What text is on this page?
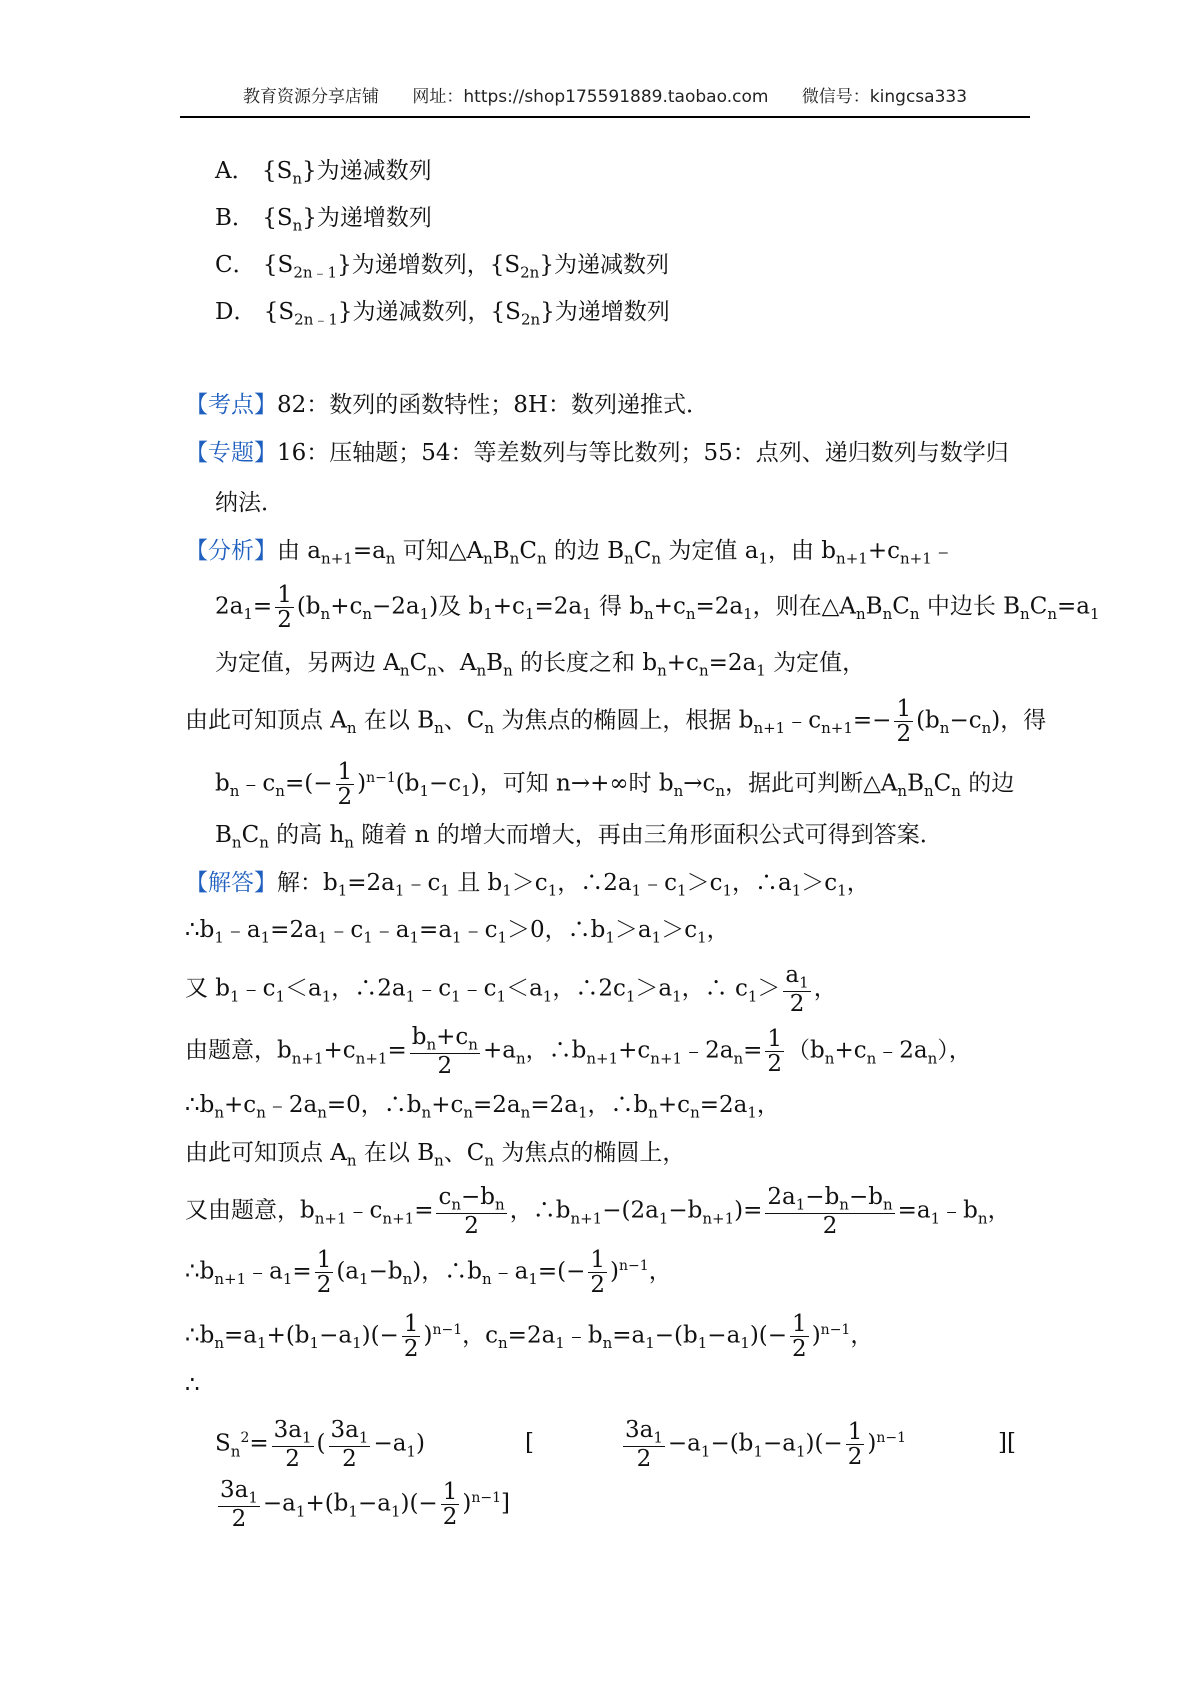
教育资源分享店铺 网址：https://shop175591889.taobao.com 微信号：kingcsa333
A． $\{S_n\}$为递减数列
B． $\{S_n\}$为递增数列
C． $\{S_{2n﹣1}\}$为递增数列，$\{S_{2n}\}$为递减数列
D． $\{S_{2n﹣1}\}$为递减数列，$\{S_{2n}\}$为递增数列
【考点】82：数列的函数特性；8H：数列递推式．
【专题】16：压轴题；54：等差数列与等比数列；55：点列、递归数列与数学归
纳法．
【分析】由 $a_{n+1}=a_n$ 可知$\triangle A_nB_nC_n$ 的边 $B_nC_n$ 为定值 $a_1$，由 $b_{n+1}+c_{n+1}﹣$
$2a_1= \frac{1}{2} (b_n+c_n-2a_1)$及 $b_1+c_1=2a_1$ 得 $b_n+c_n=2a_1$，则在$\triangle A_nB_nC_n$ 中边长 $B_nC_n=a_1$
为定值，另两边 $A_nC_n$、$A_nB_n$ 的长度之和 $b_n+c_n=2a_1$ 为定值，
由此可知顶点 $A_n$ 在以 $B_n$、$C_n$ 为焦点的椭圆上，根据 $b_{n+1}﹣c_{n+1}=- \frac{1}{2} (b_n-c_n)$，得
$b_n﹣c_n=(- \frac{1}{2} )^{n-1}(b_1-c_1)$，可知 n→+∞时 $b_n\to c_n$，据此可判断$\triangle A_nB_nC_n$ 的边
$B_nC_n$ 的高 $h_n$ 随着 n 的增大而增大，再由三角形面积公式可得到答案．
【解答】解：$b_1=2a_1﹣c_1$ 且 $b_1>c_1$，$\therefore 2a_1﹣c_1>c_1$，$\therefore a_1>c_1$，
$\therefore b_1﹣a_1=2a_1﹣c_1﹣a_1=a_1﹣c_1>0$，$\therefore b_1>a_1>c_1$，
又 $b_1﹣c_1<a_1$，$\therefore 2a_1﹣c_1﹣c_1<a_1$，$\therefore 2c_1>a_1$，∴ $c_1> \frac{a_1}{2}$ ，
由题意，$b_{n+1}+c_{n+1}= \frac{b_n+c_n}{2} +a_n$，$\therefore b_{n+1}+c_{n+1}﹣2a_n= \frac{1}{2}$ $(b_n+c_n﹣2a_n)$，
$\therefore b_n+c_n﹣2a_n=0$，$\therefore b_n+c_n=2a_n=2a_1$，$\therefore b_n+c_n=2a_1$，
由此可知顶点 $A_n$ 在以 $B_n$、$C_n$ 为焦点的椭圆上，
又由题意，$b_{n+1}﹣c_{n+1}= \frac{c_n-b_n}{2}$ ，$\therefore b_{n+1}-(2a_1-b_{n+1})= \frac{2a_1-b_n-b_n}{2}$ $=a_1﹣b_n$，
$\therefore b_{n+1}﹣a_1= \frac{1}{2} (a_1-b_n)$，$\therefore b_n﹣a_1=(- \frac{1}{2} )^{n-1}$，
$\therefore b_n=a_1+(b_1-a_1)(- \frac{1}{2} )^{n-1}$，$c_n=2a_1﹣b_n=a_1-(b_1-a_1)(- \frac{1}{2} )^{n-1}$，
∴
$S_n^2= \frac{3a_1}{2}$ ( $\frac{3a_1}{2} -a_1$)	[	$\frac{3a_1}{2} -a_1-(b_1-a_1)(- \frac{1}{2} )^{n-1}$	][
$\frac{3a_1}{2} -a_1+(b_1-a_1)(- \frac{1}{2} )^{n-1}$]
